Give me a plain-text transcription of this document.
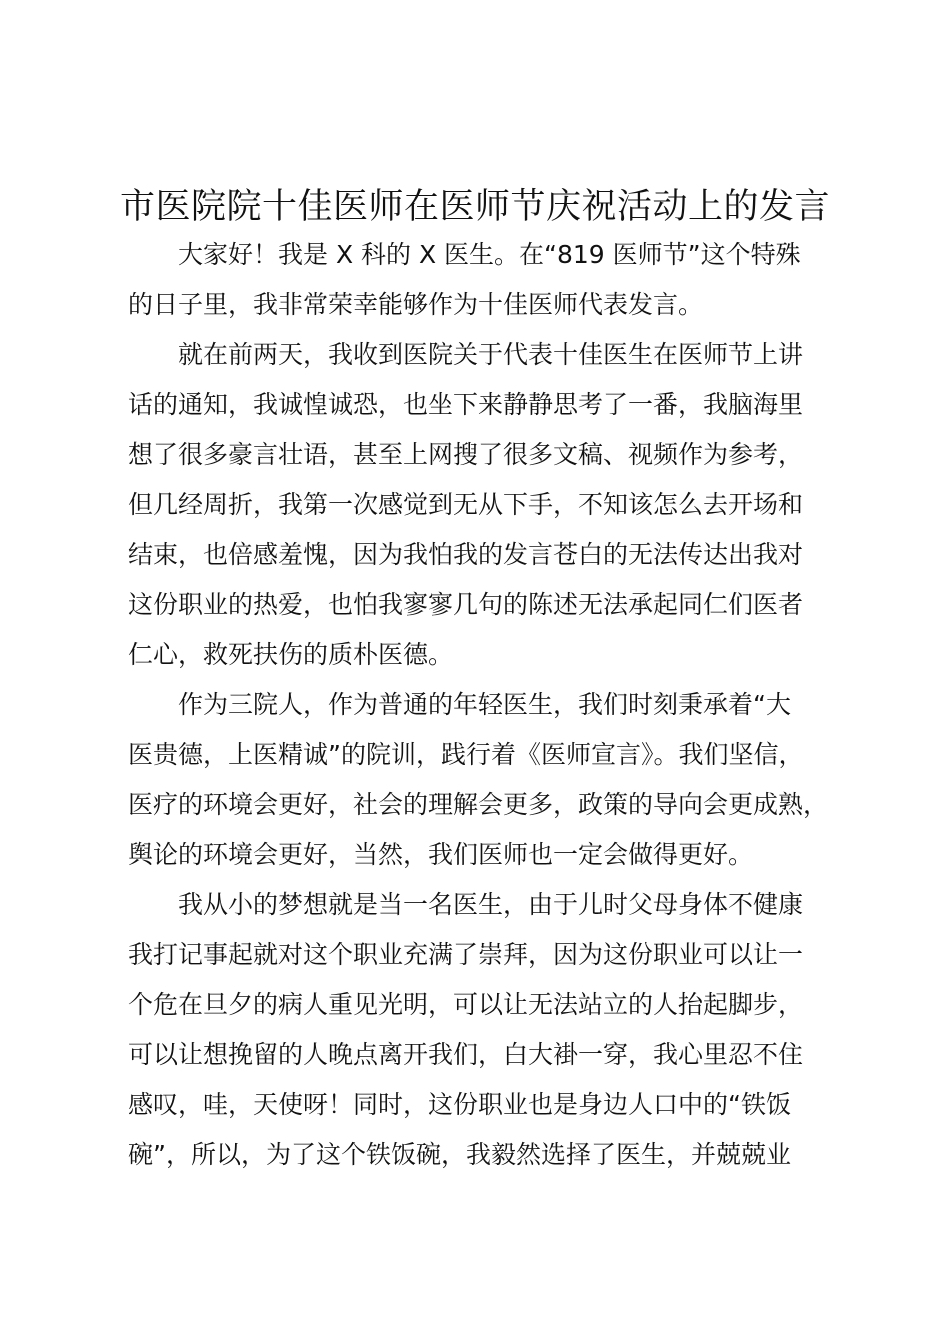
市医院院十佳医师在医师节庆祝活动上的发言
大家好！我是 X 科的 X 医生。在“819 医师节”这个特殊
的日子里，我非常荣幸能够作为十佳医师代表发言。
就在前两天，我收到医院关于代表十佳医生在医师节上讲
话的通知，我诚惶诚恐，也坐下来静静思考了一番，我脑海里
想了很多豪言壮语，甚至上网搜了很多文稿、视频作为参考，
但几经周折，我第一次感觉到无从下手，不知该怎么去开场和
结束，也倍感羞愧，因为我怕我的发言苍白的无法传达出我对
这份职业的热爱，也怕我寥寥几句的陈述无法承起同仁们医者
仁心，救死扶伤的质朴医德。
作为三院人，作为普通的年轻医生，我们时刻秉承着“大
医贵德，上医精诚”的院训，践行着《医师宣言》。我们坚信，
医疗的环境会更好，社会的理解会更多，政策的导向会更成熟，
舆论的环境会更好，当然，我们医师也一定会做得更好。
我从小的梦想就是当一名医生，由于儿时父母身体不健康
我打记事起就对这个职业充满了崇拜，因为这份职业可以让一
个危在旦夕的病人重见光明，可以让无法站立的人抬起脚步，
可以让想挽留的人晚点离开我们，白大褂一穿，我心里忍不住
感叹，哇，天使呀！同时，这份职业也是身边人口中的“铁饭
碗”，所以，为了这个铁饭碗，我毅然选择了医生，并兢兢业
